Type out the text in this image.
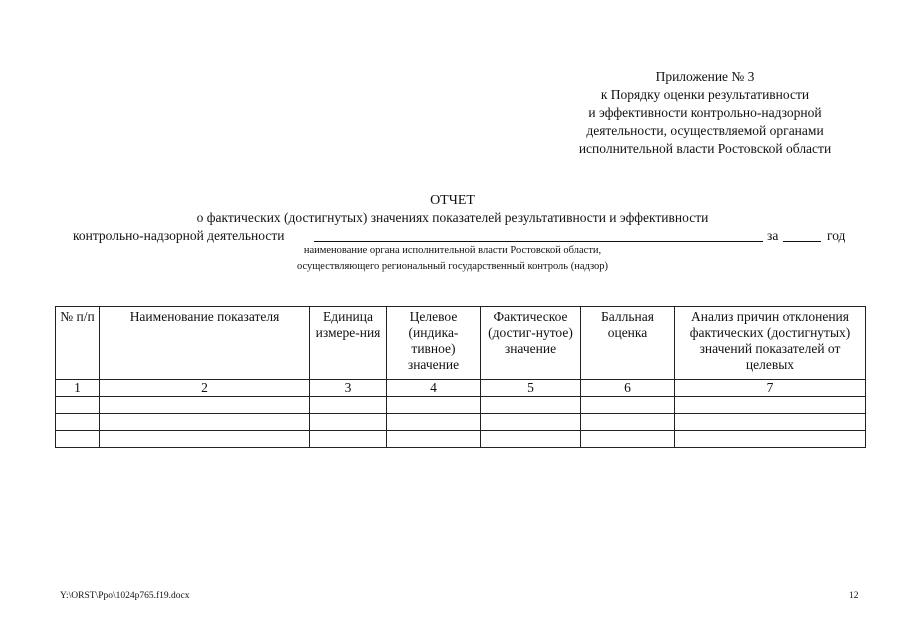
Приложение № 3
к Порядку оценки результативности
и эффективности контрольно-надзорной
деятельности, осуществляемой органами
исполнительной власти Ростовской области
ОТЧЕТ
о фактических (достигнутых) значениях показателей результативности и эффективности
контрольно-надзорной деятельности	за	год
наименование органа исполнительной власти Ростовской области,
осуществляющего региональный государственный контроль (надзор)
№ п/п	Наименование показателя	Единица измере-ния	Целевое (индика-тивное) значение	Фактическое (достиг-нутое) значение	Балльная оценка	Анализ причин отклонения фактических (достигнутых) значений показателей от целевых
1	2	3	4	5	6	7

Y:\ORST\Ppo\1024p765.f19.docx	12
